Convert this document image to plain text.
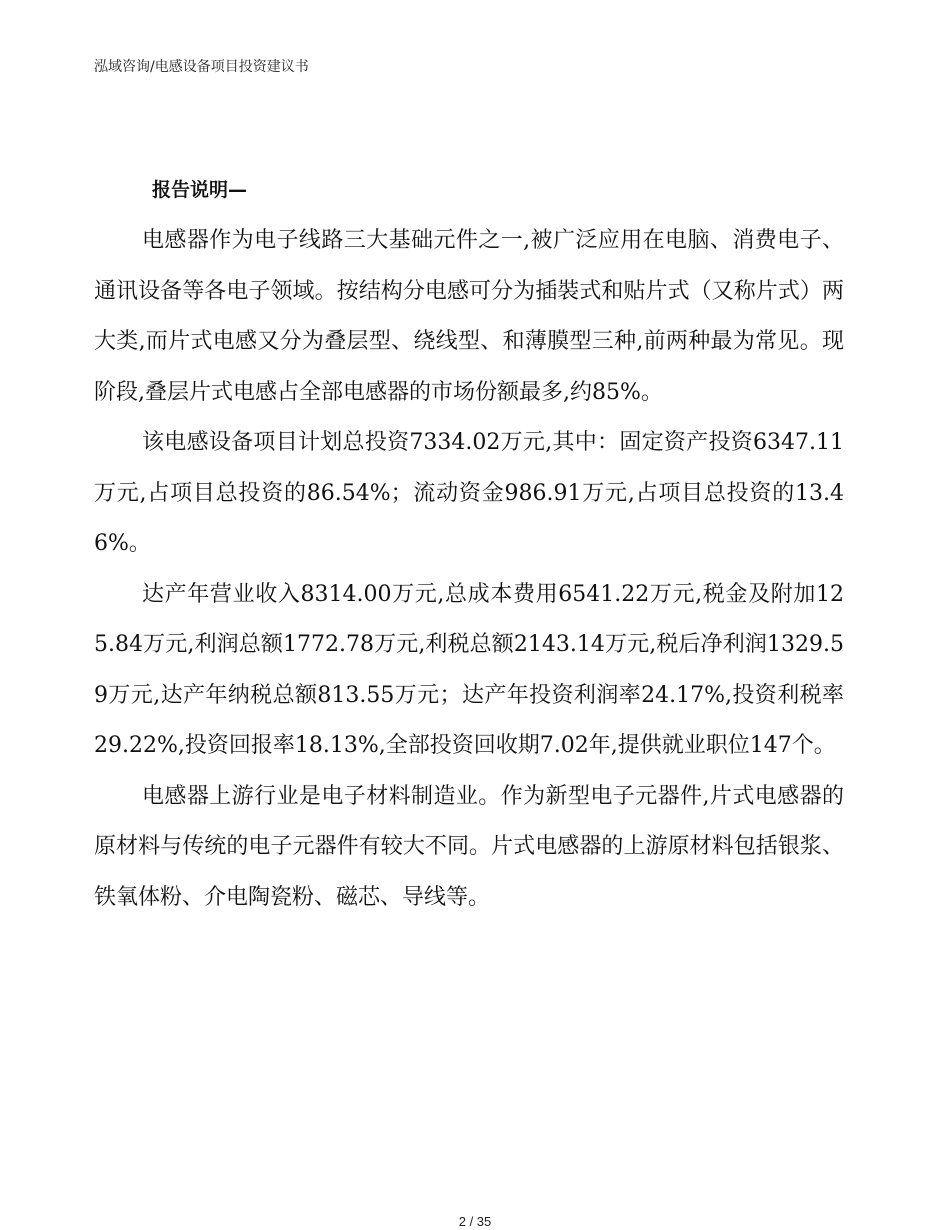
泓域咨询/电感设备项目投资建议书
报告说明—

电感器作为电子线路三大基础元件之一,被广泛应用在电脑、消费电子、通讯设备等各电子领域。按结构分电感可分为插裝式和贴片式（又称片式）两大类,而片式电感又分为叠层型、绕线型、和薄膜型三种,前两种最为常见。现阶段,叠层片式电感占全部电感器的市场份额最多,约85%。

该电感设备项目计划总投资7334.02万元,其中：固定资产投资6347.11万元,占项目总投资的86.54%；流动资金986.91万元,占项目总投资的13.46%。

达产年营业收入8314.00万元,总成本费用6541.22万元,税金及附加125.84万元,利润总额1772.78万元,利税总额2143.14万元,税后净利润1329.59万元,达产年纳税总额813.55万元；达产年投资利润率24.17%,投资利税率29.22%,投资回报率18.13%,全部投资回收期7.02年,提供就业职位147个。

电感器上游行业是电子材料制造业。作为新型电子元器件,片式电感器的原材料与传统的电子元器件有较大不同。片式电感器的上游原材料包括银浆、铁氧体粉、介电陶瓷粉、磁芯、导线等。

2 / 35
